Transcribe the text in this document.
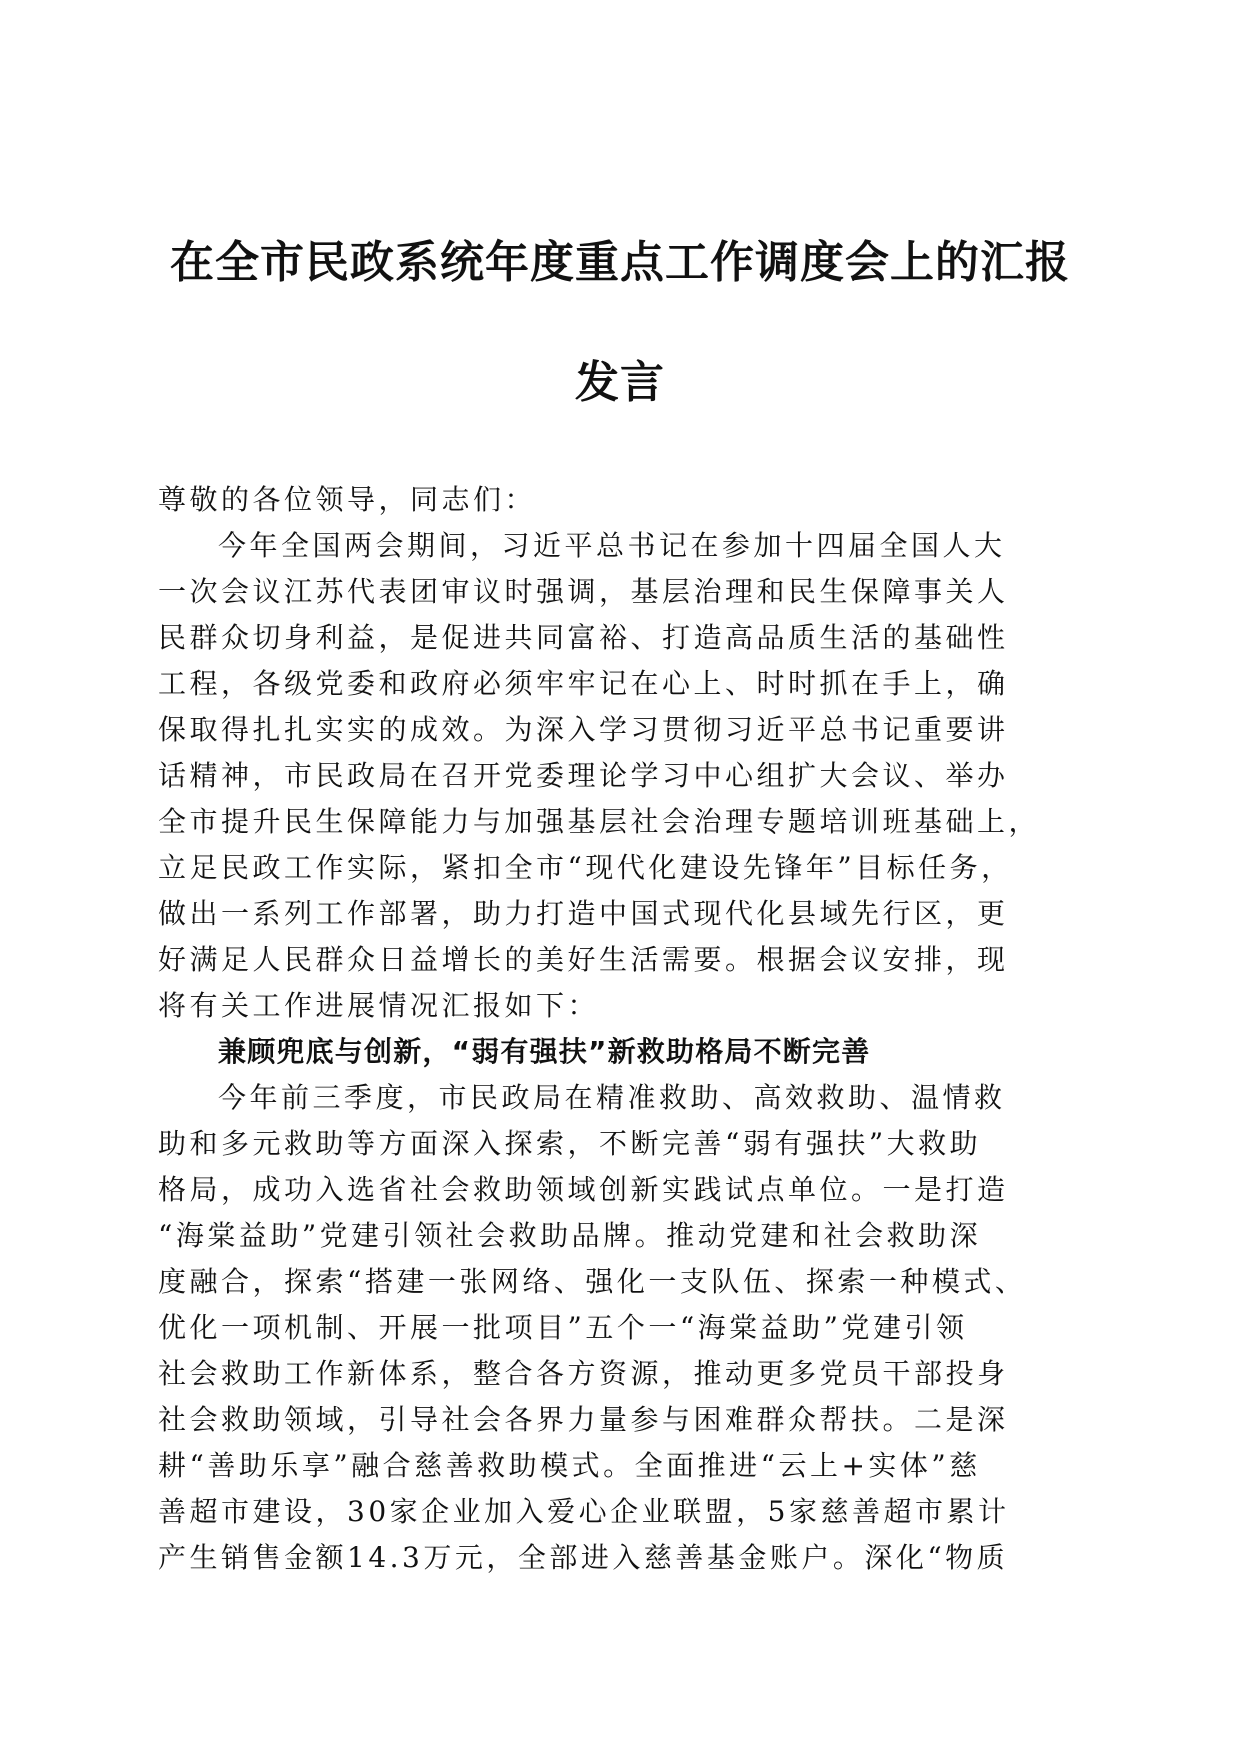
在全市民政系统年度重点工作调度会上的汇报
发言
尊敬的各位领导，同志们：
今年全国两会期间，习近平总书记在参加十四届全国人大
一次会议江苏代表团审议时强调，基层治理和民生保障事关人
民群众切身利益，是促进共同富裕、打造高品质生活的基础性
工程，各级党委和政府必须牢牢记在心上、时时抓在手上，确
保取得扎扎实实的成效。为深入学习贯彻习近平总书记重要讲
话精神，市民政局在召开党委理论学习中心组扩大会议、举办
全市提升民生保障能力与加强基层社会治理专题培训班基础上，
立足民政工作实际，紧扣全市“现代化建设先锋年”目标任务，
做出一系列工作部署，助力打造中国式现代化县域先行区，更
好满足人民群众日益增长的美好生活需要。根据会议安排，现
将有关工作进展情况汇报如下：
兼顾兜底与创新，“弱有强扶”新救助格局不断完善
今年前三季度，市民政局在精准救助、高效救助、温情救
助和多元救助等方面深入探索，不断完善“弱有强扶”大救助
格局，成功入选省社会救助领域创新实践试点单位。一是打造
“海棠益助”党建引领社会救助品牌。推动党建和社会救助深
度融合，探索“搭建一张网络、强化一支队伍、探索一种模式、
优化一项机制、开展一批项目”五个一“海棠益助”党建引领
社会救助工作新体系，整合各方资源，推动更多党员干部投身
社会救助领域，引导社会各界力量参与困难群众帮扶。二是深
耕“善助乐享”融合慈善救助模式。全面推进“云上+实体”慈
善超市建设，30家企业加入爱心企业联盟，5家慈善超市累计
产生销售金额14.3万元，全部进入慈善基金账户。深化“物质
